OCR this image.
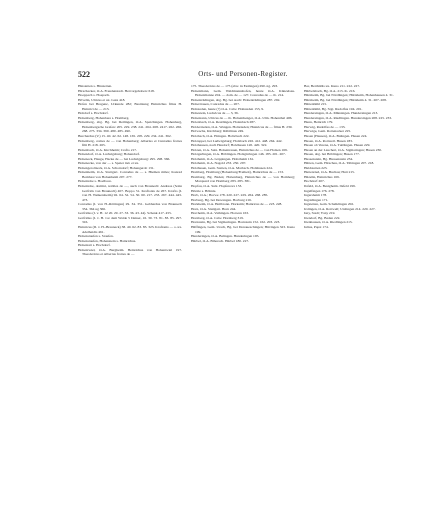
522	Orts- und Personen-Register.

Hinstetten s. Hinstetten.

Hirschacker, O.A. Freudenstadt. Hervorgehoben: 618.

Hoeppach s. Hoepach.

Hövelin, Ulricus et ux. Guta 418.

Hofen bei Bregenz, Urkunde 282; Besitzung Hainrichus filius H. Hainrici de — 213.

Hohdorf s. Hochdorf.

Hohenberg, Hohenbere s. Homberg.

Hohenberg, abg. Bg. bei Deilingen, O.A. Spaichingen. Hohenberg, Hohenbergsche Grafen: 205. 229. 238. 241. 264. 268. 2417. 262. 266. 268. 275. 334. 390. 480. 485. 490.

Burchardus (V.) 15. 40. 42. 62. 148. 165. 205. 229. 234. 241. 362.

Hohenberg, comes de — von Hohenberg; Albertus et Cunradus fratres filii H. 218. 265.

Hohenbach, O.A. Kirchheim; Crafto 217.

Hohendorf, O.A. Ludwigsburg; Hohendorf.

Hoheneck, Hauge, Hacke de — bei Ludwigsburg: 295. 298. 366.

Hohenecke, von der — s. Speier ind. et ux.

Hohengeroltzeck, O.A. Schorndorf; Hohengerolt 131.

Hohenheim, O.A. Stuttgart. Conradus de — s. Hiemen miles; Konrad Bombast von Hohenheim 207. 277.

Hohenlohe s. Hoelbace.

Hohenlohe, domini, nobiles de —, auch von Braunech: Andreas (Sohn Gotfrids von Braunech) 407. Boppo 51. Kraftonis de 267. Krafto (I. von H. Weikersheim) 92. 64. 52. 54. 50. 60. 217. 233. 267. 444. 445. 473.

Conradus (I. von H.-Röttingen) 29. 34. 351. Gebhardus von Braunech 354. 364 ug 366.

Gotfridus (I. v. H. 12 20. 29. 27. 33. 36. 43. 44). Schenk 417. 455.

Gotfridus (I. v. H. vor dem Walde 5 Deiner, 16. 30. 73. 81. 83. 85. 297. 316.

Hainricus (II. v. H.-Brauneck) 38. 40. 62. 83. 83. 323. Kraftonis — o. ux. Adelheidis 461.

Hohenstaufen s. Stoufen.

Hohenstaufen, Hohenstein s. Hainrichus.

Hohentatt s. Hochdorf.

Hohentwiel, O.A. Bergheim. Heinrichus von Hohentwiel 197. Theodericus et Albertus fratres de —

175. Theodericus de — 175 (abw. in Esslingen) 290. ng. 293.

Hohenthann, Gem. Waldmannshofen, heute O.A. Künzelsau. Hohenthanne 204. — dom. de — 127. Conradus de — ib. 214.

Hohentrüdingen, abg. Bg. bei Aach: Hohentrüdingen 287. 292.

Hohertrauen, Conradus de — 207.

Hohsteden, heute (?) O.A. Calw. Hohsteden 153, 9.

Hohestein, Ludwicus de — 3, 36.

Hohentann, Ulricus de — ib. Hohenthenger, O.A. Ulm. Hohenthal 406.

Holenbach, O.A. Reutlingen, Holenbach 287.

Holderrieden, O.A. Wangen. Holnrieden; Hainricus de — filius H. 239.

Holwachs, Kirchberg: Rübilinus 249.

Holzbach, O.A. Ehingen. Holtzbach 222.

Holzappel, bei Ludwigsburg; Holzbach 226. 412. 448. 264. 442.

Holzhausen, nach Heudorf; Holzhusen 120. 420. 322.

Holzen, O.A. Sulz. Hohentrauen, Hainrichus de — von Holzen 169.

Holzgerlingen, O.A. Böblingen. Holzgirringen 146. 185. 201. 207.

Holzheim, O.A. Göppingen. Holtzheim 161.

Holzheim, O.A. Nagold 233. 250. 297.

Holzhusen, Gem. Stetten, O.A. Marbach. Holzhusen 224.

Homberg, Homburg (Hohenburg/Freiheit), Hainrichus de — 153.

Homburg, Bg. Baden; Hobenburg, Hainrichus de — von Homberg; Marquard von Homberg 283. 285. 381.

Hopfau, O.A. Sulz. Hopfenova 153.

Hörnle s. Höhnle.

Horb, O.A.; Horwe 178. 220. 227. 229. 264. 268. 285.

Horburg, Bg. bei Dewangen. Horburg 216.

Horkheim, O.A. Heilbronn. Horkaim; Hainricus de — 223. 228.

Horn, O.A. Stuttgart. Horn 244.

Horrheim, O.A. Vaihingen. Horwen 163.

Hornberg, O.A. Calw. Hornberg 319.

Hornstein, Bg. bei Sigmaringen. Hornstein 152. 162. 203. 223.

Hüffingen, Gem. Urach, Bg. bei Donaueschingen; Hüvingen 323. Kuno 199.

Hunderingen, O.A. Balingen. Hunderingen 195.

Hürbel, O.A. Biberach. Hürbel 180. 227.

Bar, Berthildis ux. Kuno 211. 222. 227.

Hürbelsbach, Bg. O.A. 215. ib. 216.

Hürnheim, Bg. bei Nördlingen; Hürnhaim, Hohenhausen 4. 31.

Hürnheim, Bg. bei Nördlingen; Hürnhaim 4. 31. 207. 208.

Hüttenbühl 215.

Hüttenbühl, Bg. Stgt. Rudolfus 194. 201.

Hundersingen, O.A. Münsingen. Hundersingen 213.

Hundersingen, O.A. Riedlingen. Hundersingen 208. 225. 233.

Hunn, Heinrich 179.

Hurwig, Rudolfus de — 133.

Hurwige, Gem. Rottenacker 225.

Husen (Hausen), O.A. Balingen. Husen 224.

Husen, O.A. Rottweil. Husen 183.

Husen ob Verena, O.A. Tuttlingen. Husen 229.

Husen an der Lauchert, O.A. Sigmaringen; Husen 230.

Husen, abg. bei Böblingen; Husen 177.

Hussenstein, Bg. Hussenstein 234.

Hütten, Gem. Hirschau, O.A. Tübingen 207. 218.

Huldstetten 223.

Huttenried, O.A. Buchau; Hutt 215.

Hüzelin, Hainrichus 169.

Hochdorf 207.

Ilsfeld, O.A. Besigheim. Ilsfeld 199.

Ingelfingen 176. 278.

Ingersheim 178.

Ingoldingen 171.

Ingstetten, Gem. Schelklingen 202.

Irslingen, O.A. Rottweil; Urslingen 214. 220. 227.

Isny, Stadt; Ysny 219.

Ittendorf, Bg. Baden 222.

Ittenhausen, O.A. Riedlingen 215.

Iulius, Papst 174.
